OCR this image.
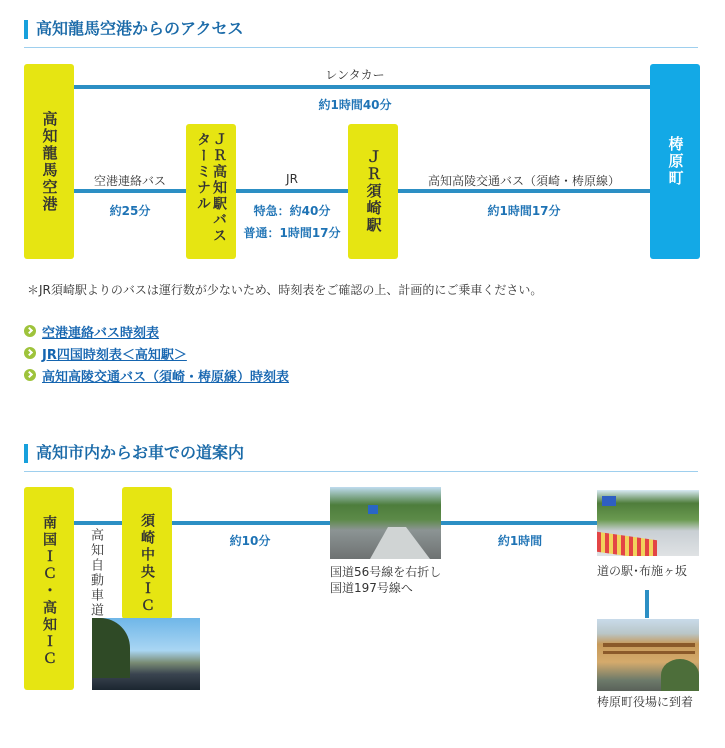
高知龍馬空港からのアクセス
レンタカー
約1時間40分
空港連絡バス
約25分
JR
特急：約40分
普通：1時間17分
高知高陵交通バス（須崎・梼原線）
約1時間17分
高知龍馬空港	ＪＲ高知駅バスターミナル	ＪＲ須崎駅	梼原町
＊JR須崎駅よりのバスは運行数が少ないため、時刻表をご確認の上、計画的にご乗車ください。
空港連絡バス時刻表
JR四国時刻表＜高知駅＞
高知高陵交通バス（須崎・梼原線）時刻表
高知市内からお車での道案内
南国ＩＣ・高知ＩＣ 高知自動車道	須崎中央ＩＣ	約10分	約1時間
国道56号線を右折し
国道197号線へ
道の駅･布施ヶ坂
梼原町役場に到着
